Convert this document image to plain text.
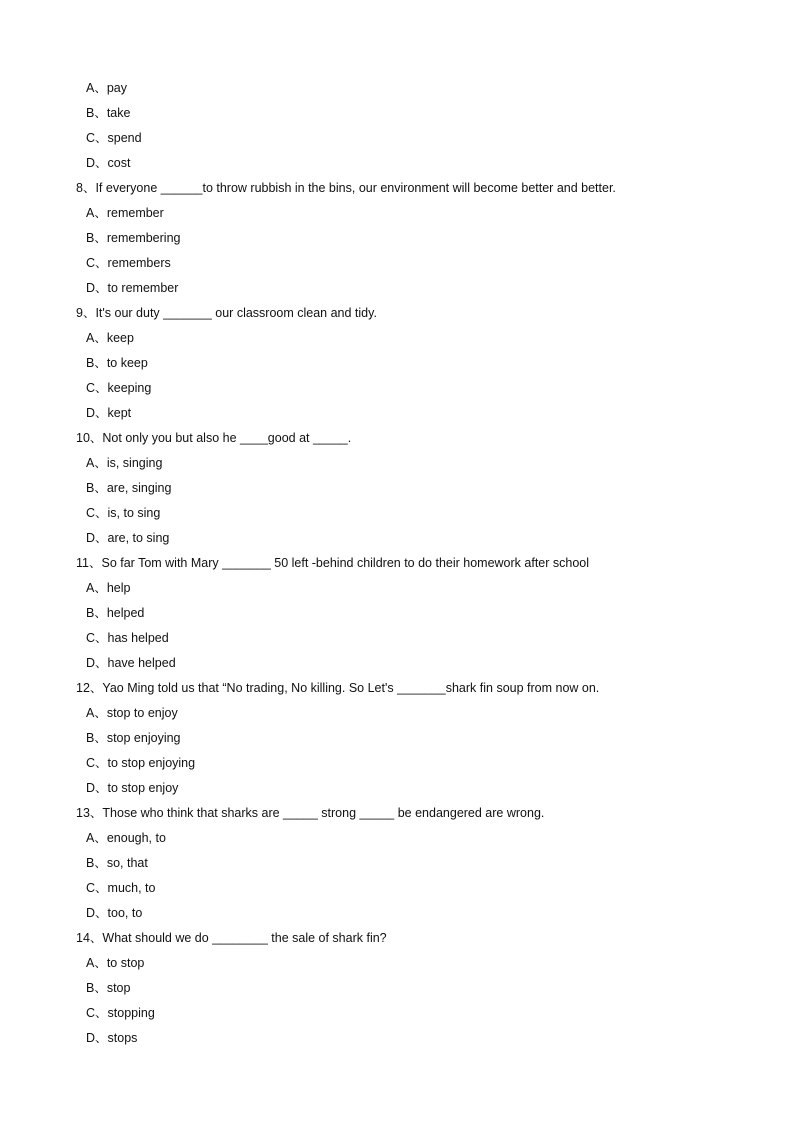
A、pay
B、take
C、spend
D、cost
8、If everyone ______to throw rubbish in the bins, our environment will become better and better.
A、remember
B、remembering
C、remembers
D、to remember
9、It's our duty _______ our classroom clean and tidy.
A、keep
B、to keep
C、keeping
D、kept
10、Not only you but also he ____good at _____.
A、is, singing
B、are, singing
C、is, to sing
D、are, to sing
11、So far Tom with Mary _______ 50 left -behind children to do their homework after school
A、help
B、helped
C、has helped
D、have helped
12、Yao Ming told us that “No trading, No killing. So Let's _______shark fin soup from now on.
A、stop to enjoy
B、stop enjoying
C、to stop enjoying
D、to stop enjoy
13、Those who think that sharks are _____ strong _____ be endangered are wrong.
A、enough, to
B、so, that
C、much, to
D、too, to
14、What should we do ________ the sale of shark fin?
A、to stop
B、stop
C、stopping
D、stops
